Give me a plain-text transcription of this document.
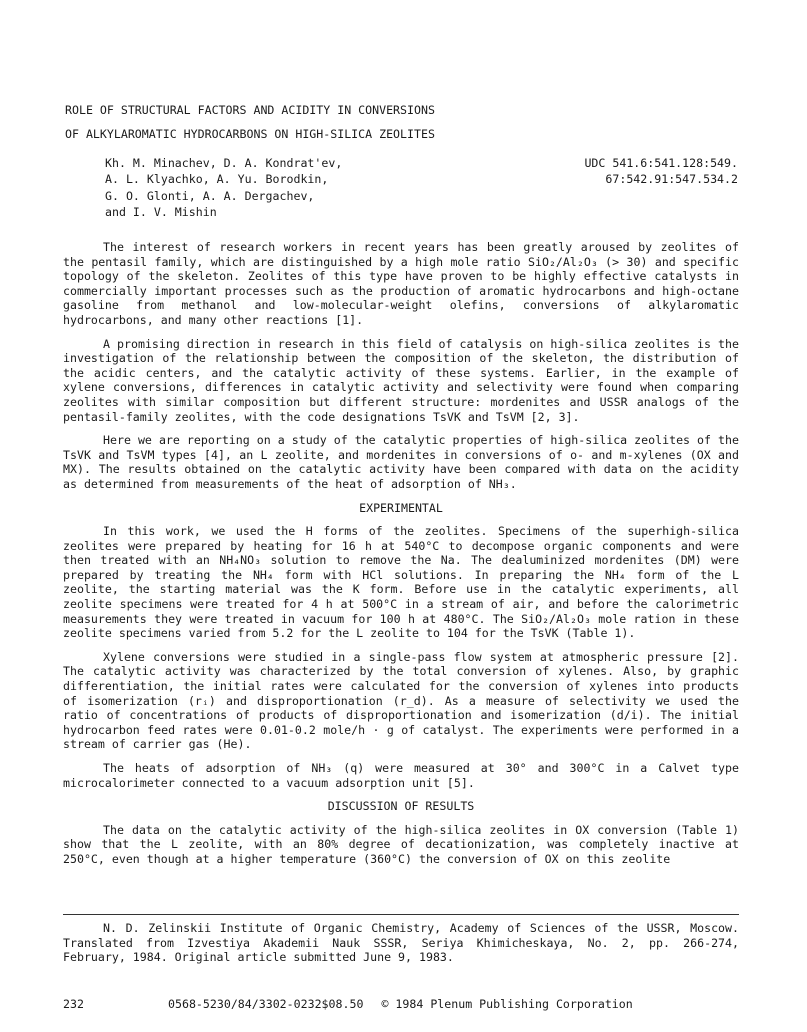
ROLE OF STRUCTURAL FACTORS AND ACIDITY IN CONVERSIONS
OF ALKYLAROMATIC HYDROCARBONS ON HIGH-SILICA ZEOLITES
Kh. M. Minachev, D. A. Kondrat'ev,
A. L. Klyachko, A. Yu. Borodkin,
G. O. Glonti, A. A. Dergachev,
and I. V. Mishin
UDC 541.6:541.128:549.
67:542.91:547.534.2

The interest of research workers in recent years has been greatly aroused by zeolites of the pentasil family, which are distinguished by a high mole ratio SiO₂/Al₂O₃ (> 30) and specific topology of the skeleton. Zeolites of this type have proven to be highly effective catalysts in commercially important processes such as the production of aromatic hydrocarbons and high-octane gasoline from methanol and low-molecular-weight olefins, conversions of alkylaromatic hydrocarbons, and many other reactions [1].

A promising direction in research in this field of catalysis on high-silica zeolites is the investigation of the relationship between the composition of the skeleton, the distribution of the acidic centers, and the catalytic activity of these systems. Earlier, in the example of xylene conversions, differences in catalytic activity and selectivity were found when comparing zeolites with similar composition but different structure: mordenites and USSR analogs of the pentasil-family zeolites, with the code designations TsVK and TsVM [2, 3].

Here we are reporting on a study of the catalytic properties of high-silica zeolites of the TsVK and TsVM types [4], an L zeolite, and mordenites in conversions of o- and m-xylenes (OX and MX). The results obtained on the catalytic activity have been compared with data on the acidity as determined from measurements of the heat of adsorption of NH₃.

EXPERIMENTAL

In this work, we used the H forms of the zeolites. Specimens of the superhigh-silica zeolites were prepared by heating for 16 h at 540°C to decompose organic components and were then treated with an NH₄NO₃ solution to remove the Na. The dealuminized mordenites (DM) were prepared by treating the NH₄ form with HCl solutions. In preparing the NH₄ form of the L zeolite, the starting material was the K form. Before use in the catalytic experiments, all zeolite specimens were treated for 4 h at 500°C in a stream of air, and before the calorimetric measurements they were treated in vacuum for 100 h at 480°C. The SiO₂/Al₂O₃ mole ration in these zeolite specimens varied from 5.2 for the L zeolite to 104 for the TsVK (Table 1).

Xylene conversions were studied in a single-pass flow system at atmospheric pressure [2]. The catalytic activity was characterized by the total conversion of xylenes. Also, by graphic differentiation, the initial rates were calculated for the conversion of xylenes into products of isomerization (rᵢ) and disproportionation (r_d). As a measure of selectivity we used the ratio of concentrations of products of disproportionation and isomerization (d/i). The initial hydrocarbon feed rates were 0.01-0.2 mole/h · g of catalyst. The experiments were performed in a stream of carrier gas (He).

The heats of adsorption of NH₃ (q) were measured at 30° and 300°C in a Calvet type microcalorimeter connected to a vacuum adsorption unit [5].

DISCUSSION OF RESULTS

The data on the catalytic activity of the high-silica zeolites in OX conversion (Table 1) show that the L zeolite, with an 80% degree of decationization, was completely inactive at 250°C, even though at a higher temperature (360°C) the conversion of OX on this zeolite

N. D. Zelinskii Institute of Organic Chemistry, Academy of Sciences of the USSR, Moscow. Translated from Izvestiya Akademii Nauk SSSR, Seriya Khimicheskaya, No. 2, pp. 266-274, February, 1984. Original article submitted June 9, 1983.

232	0568-5230/84/3302-0232$08.50 © 1984 Plenum Publishing Corporation
